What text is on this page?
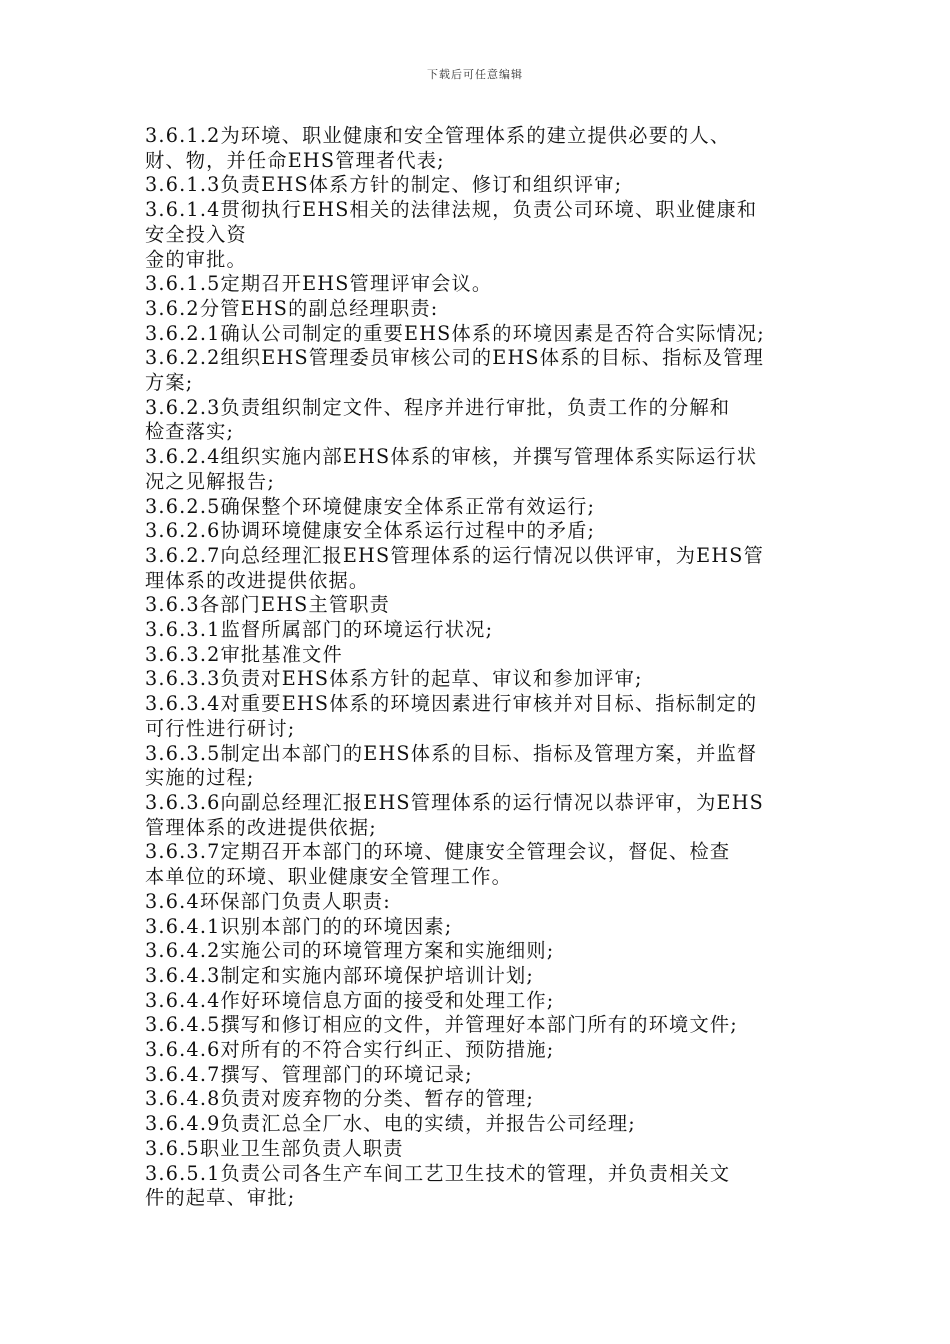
下载后可任意编辑
3.6.1.2为环境、职业健康和安全管理体系的建立提供必要的人、
财、物，并任命EHS管理者代表;
3.6.1.3负责EHS体系方针的制定、修订和组织评审;
3.6.1.4贯彻执行EHS相关的法律法规，负责公司环境、职业健康和
安全投入资
金的审批。
3.6.1.5定期召开EHS管理评审会议。
3.6.2分管EHS的副总经理职责:
3.6.2.1确认公司制定的重要EHS体系的环境因素是否符合实际情况;
3.6.2.2组织EHS管理委员审核公司的EHS体系的目标、指标及管理
方案;
3.6.2.3负责组织制定文件、程序并进行审批，负责工作的分解和
检查落实;
3.6.2.4组织实施内部EHS体系的审核，并撰写管理体系实际运行状
况之见解报告;
3.6.2.5确保整个环境健康安全体系正常有效运行;
3.6.2.6协调环境健康安全体系运行过程中的矛盾;
3.6.2.7向总经理汇报EHS管理体系的运行情况以供评审，为EHS管
理体系的改进提供依据。
3.6.3各部门EHS主管职责
3.6.3.1监督所属部门的环境运行状况;
3.6.3.2审批基准文件
3.6.3.3负责对EHS体系方针的起草、审议和参加评审;
3.6.3.4对重要EHS体系的环境因素进行审核并对目标、指标制定的
可行性进行研讨;
3.6.3.5制定出本部门的EHS体系的目标、指标及管理方案，并监督
实施的过程;
3.6.3.6向副总经理汇报EHS管理体系的运行情况以恭评审，为EHS
管理体系的改进提供依据;
3.6.3.7定期召开本部门的环境、健康安全管理会议，督促、检查
本单位的环境、职业健康安全管理工作。
3.6.4环保部门负责人职责:
3.6.4.1识别本部门的的环境因素;
3.6.4.2实施公司的环境管理方案和实施细则;
3.6.4.3制定和实施内部环境保护培训计划;
3.6.4.4作好环境信息方面的接受和处理工作;
3.6.4.5撰写和修订相应的文件，并管理好本部门所有的环境文件;
3.6.4.6对所有的不符合实行纠正、预防措施;
3.6.4.7撰写、管理部门的环境记录;
3.6.4.8负责对废弃物的分类、暂存的管理;
3.6.4.9负责汇总全厂水、电的实绩，并报告公司经理;
3.6.5职业卫生部负责人职责
3.6.5.1负责公司各生产车间工艺卫生技术的管理，并负责相关文
件的起草、审批;
